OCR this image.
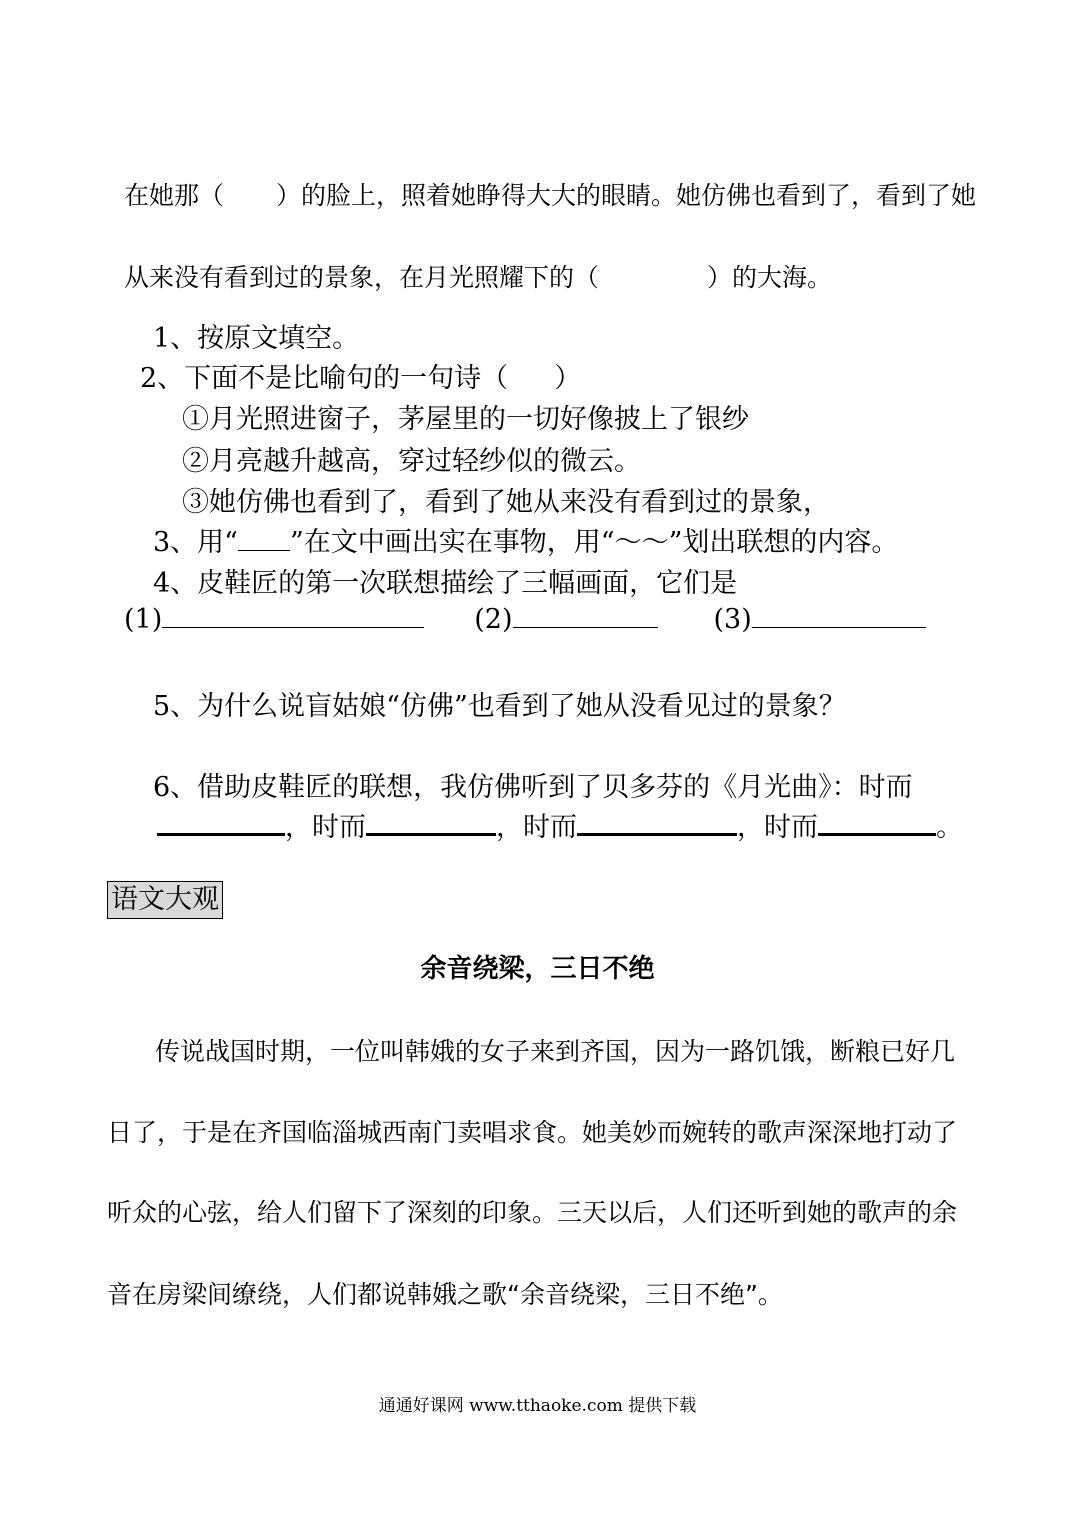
在她那（ ）的脸上，照着她睁得大大的眼睛。她仿佛也看到了，看到了她
从来没有看到过的景象，在月光照耀下的（	）的大海。
1、按原文填空。
2、下面不是比喻句的一句诗（ ）
①月光照进窗子，茅屋里的一切好像披上了银纱
②月亮越升越高，穿过轻纱似的微云。
③她仿佛也看到了，看到了她从来没有看到过的景象，
3、用“ ”在文中画出实在事物，用“～～”划出联想的内容。
4、皮鞋匠的第一次联想描绘了三幅画面，它们是
(1)	(2)	(3)
5、为什么说盲姑娘“仿佛”也看到了她从没看见过的景象？
6、借助皮鞋匠的联想，我仿佛听到了贝多芬的《月光曲》：时而
，时而	，时而	，时而	。
语文大观
余音绕梁，三日不绝
传说战国时期，一位叫韩娥的女子来到齐国，因为一路饥饿，断粮已好几
日了，于是在齐国临淄城西南门卖唱求食。她美妙而婉转的歌声深深地打动了
听众的心弦，给人们留下了深刻的印象。三天以后，人们还听到她的歌声的余
音在房梁间缭绕，人们都说韩娥之歌“余音绕梁，三日不绝”。
通通好课网 www.tthaoke.com 提供下载
